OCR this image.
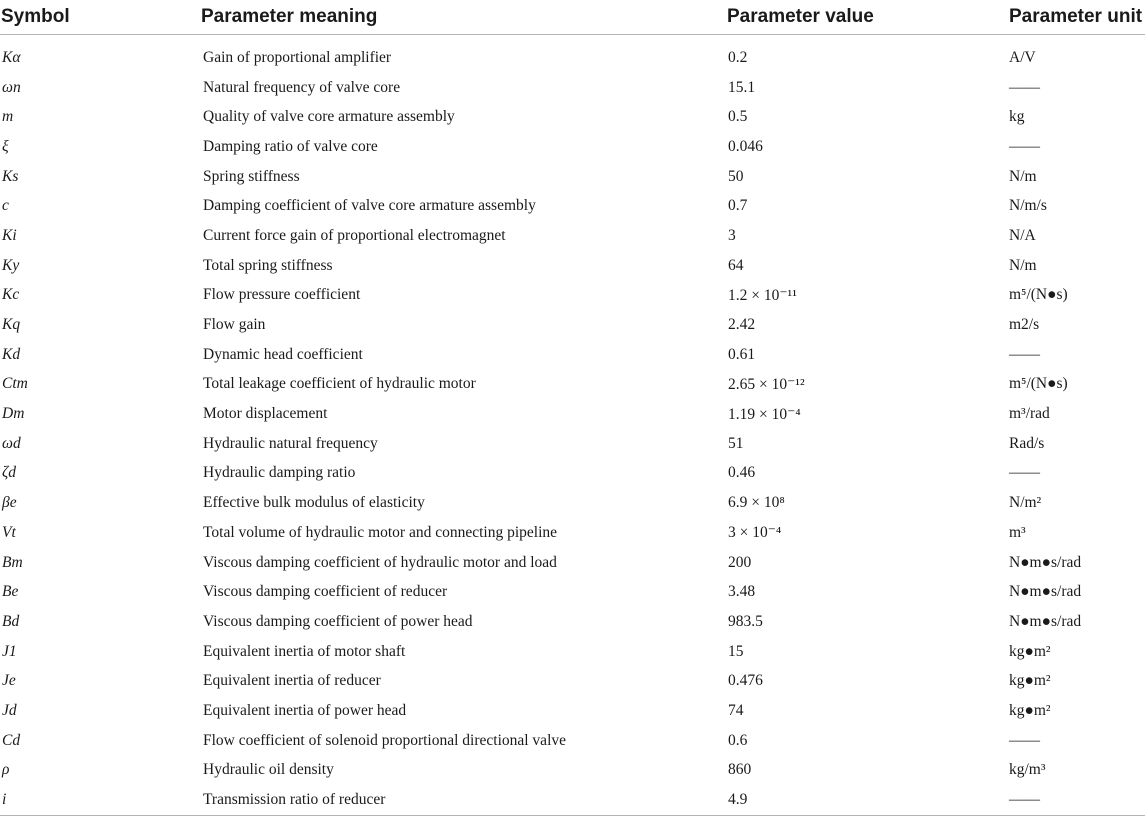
Symbol	Parameter meaning	Parameter value	Parameter unit
Kα	Gain of proportional amplifier	0.2	A/V
ωn	Natural frequency of valve core	15.1	——
m	Quality of valve core armature assembly	0.5	kg
ξ	Damping ratio of valve core	0.046	——
Ks	Spring stiffness	50	N/m
c	Damping coefficient of valve core armature assembly	0.7	N/m/s
Ki	Current force gain of proportional electromagnet	3	N/A
Ky	Total spring stiffness	64	N/m
Kc	Flow pressure coefficient	1.2 × 10⁻¹¹	m⁵/(N●s)
Kq	Flow gain	2.42	m2/s
Kd	Dynamic head coefficient	0.61	——
Ctm	Total leakage coefficient of hydraulic motor	2.65 × 10⁻¹²	m⁵/(N●s)
Dm	Motor displacement	1.19 × 10⁻⁴	m³/rad
ωd	Hydraulic natural frequency	51	Rad/s
ζd	Hydraulic damping ratio	0.46	——
βe	Effective bulk modulus of elasticity	6.9 × 10⁸	N/m²
Vt	Total volume of hydraulic motor and connecting pipeline	3 × 10⁻⁴	m³
Bm	Viscous damping coefficient of hydraulic motor and load	200	N●m●s/rad
Be	Viscous damping coefficient of reducer	3.48	N●m●s/rad
Bd	Viscous damping coefficient of power head	983.5	N●m●s/rad
J1	Equivalent inertia of motor shaft	15	kg●m²
Je	Equivalent inertia of reducer	0.476	kg●m²
Jd	Equivalent inertia of power head	74	kg●m²
Cd	Flow coefficient of solenoid proportional directional valve	0.6	——
ρ	Hydraulic oil density	860	kg/m³
i	Transmission ratio of reducer	4.9	——
